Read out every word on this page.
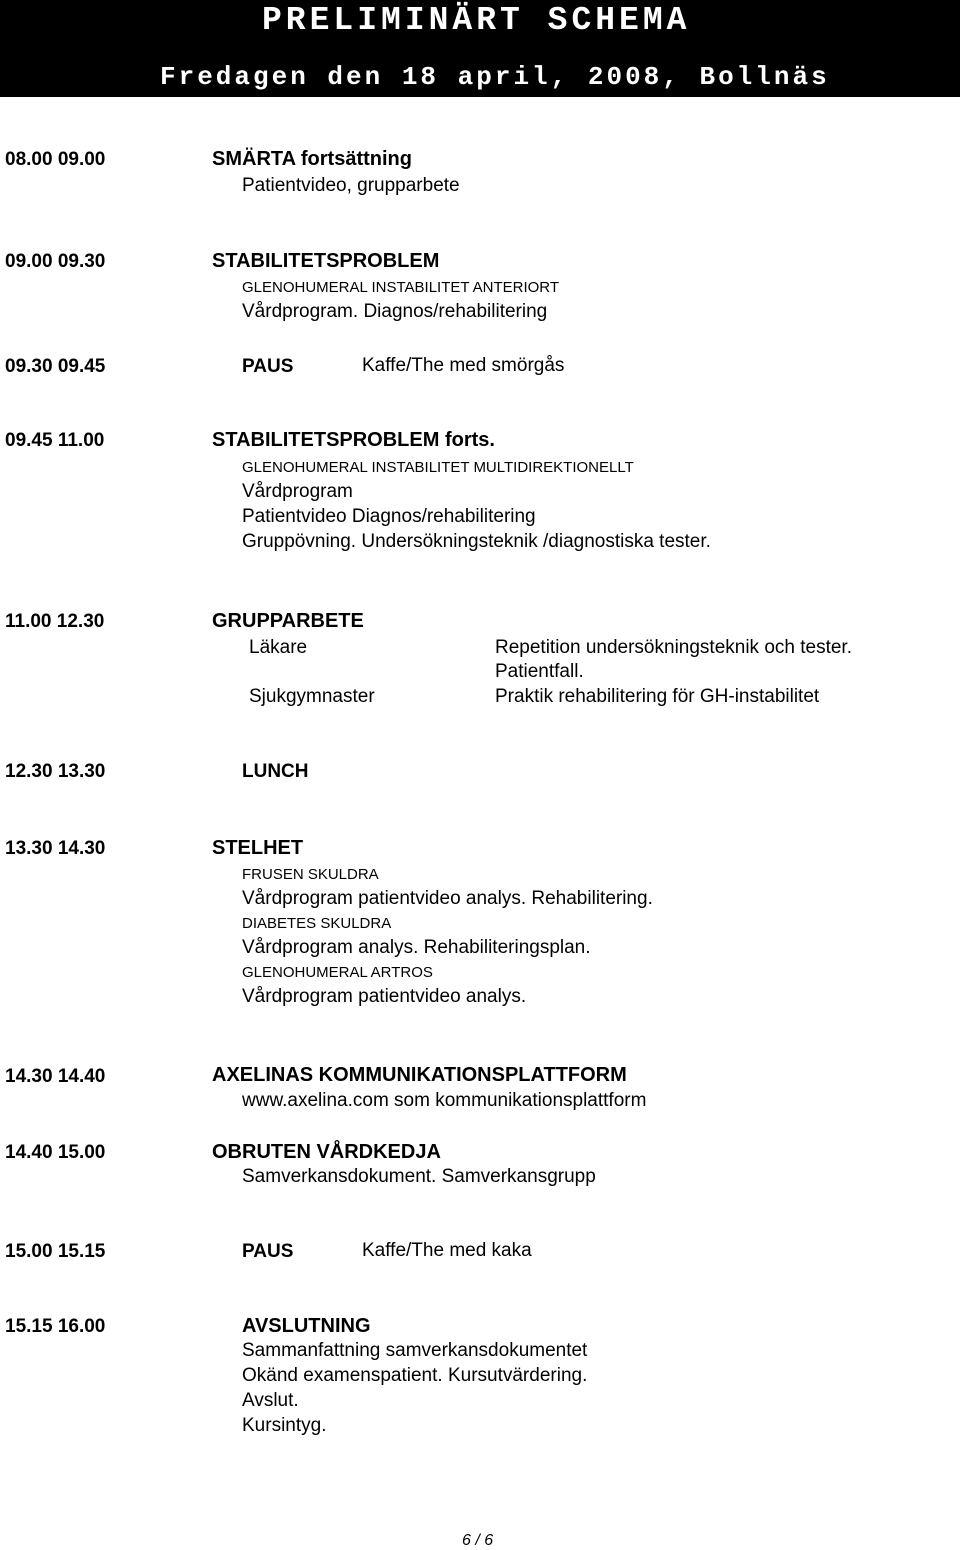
PRELIMINÄRT SCHEMA
Fredagen den 18 april, 2008, Bollnäs
08.00 09.00	SMÄRTA fortsättning
Patientvideo, grupparbete
09.00 09.30	STABILITETSPROBLEM
GLENOHUMERAL INSTABILITET ANTERIORT
Vårdprogram. Diagnos/rehabilitering
09.30 09.45	PAUS	Kaffe/The med smörgås
09.45 11.00	STABILITETSPROBLEM forts.
GLENOHUMERAL INSTABILITET MULTIDIREKTIONELLT
Vårdprogram
Patientvideo Diagnos/rehabilitering
Gruppövning. Undersökningsteknik /diagnostiska tester.
11.00 12.30	GRUPPARBETE
Läkare	Repetition undersökningsteknik och tester.
Patientfall.
Sjukgymnaster	Praktik rehabilitering för GH-instabilitet
12.30 13.30	LUNCH
13.30 14.30	STELHET
FRUSEN SKULDRA
Vårdprogram patientvideo analys. Rehabilitering.
DIABETES SKULDRA
Vårdprogram analys. Rehabiliteringsplan.
GLENOHUMERAL ARTROS
Vårdprogram patientvideo analys.
14.30 14.40	AXELINAS KOMMUNIKATIONSPLATTFORM
www.axelina.com som kommunikationsplattform
14.40 15.00	OBRUTEN VÅRDKEDJA
Samverkansdokument. Samverkansgrupp
15.00 15.15	PAUS	Kaffe/The med kaka
15.15 16.00	AVSLUTNING
Sammanfattning samverkansdokumentet
Okänd examenspatient. Kursutvärdering.
Avslut.
Kursintyg.
6 / 6
